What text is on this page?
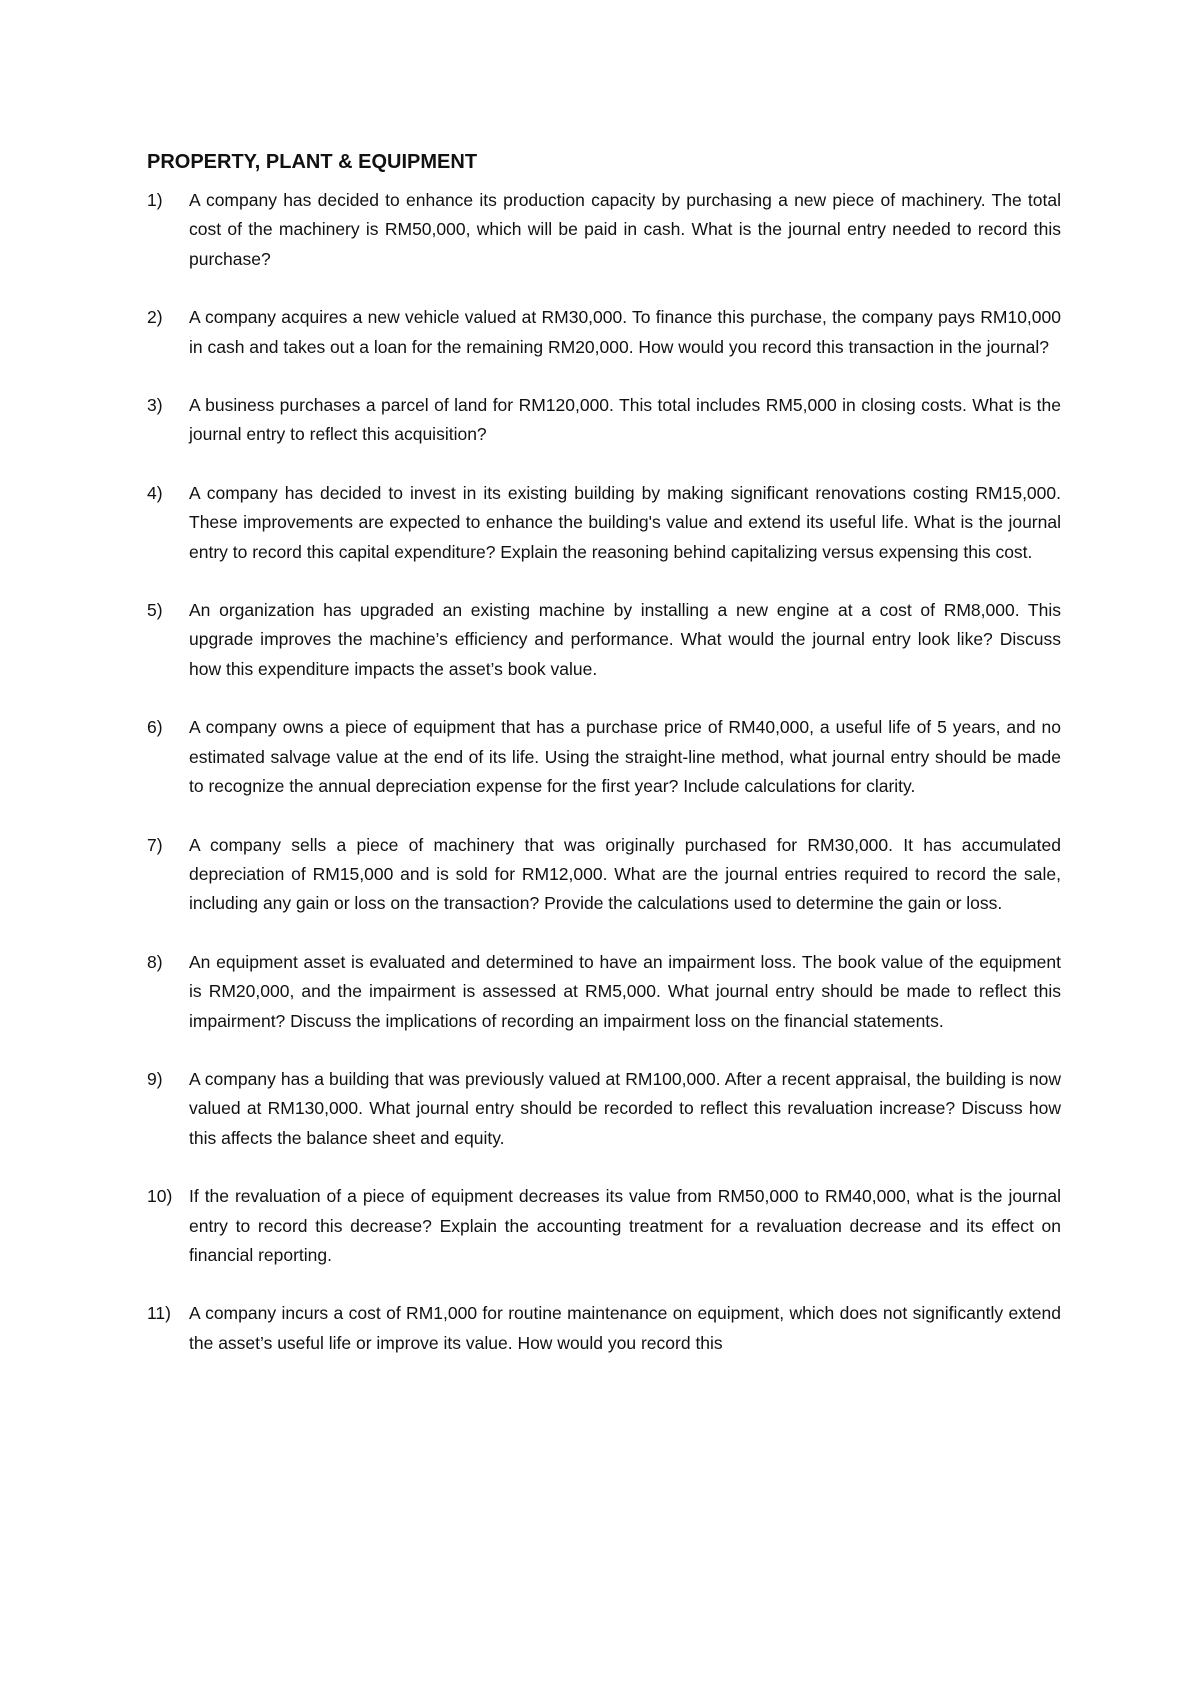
PROPERTY, PLANT & EQUIPMENT
1)	A company has decided to enhance its production capacity by purchasing a new piece of machinery. The total cost of the machinery is RM50,000, which will be paid in cash. What is the journal entry needed to record this purchase?
2)	A company acquires a new vehicle valued at RM30,000. To finance this purchase, the company pays RM10,000 in cash and takes out a loan for the remaining RM20,000. How would you record this transaction in the journal?
3)	A business purchases a parcel of land for RM120,000. This total includes RM5,000 in closing costs. What is the journal entry to reflect this acquisition?
4)	A company has decided to invest in its existing building by making significant renovations costing RM15,000. These improvements are expected to enhance the building's value and extend its useful life. What is the journal entry to record this capital expenditure? Explain the reasoning behind capitalizing versus expensing this cost.
5)	An organization has upgraded an existing machine by installing a new engine at a cost of RM8,000. This upgrade improves the machine’s efficiency and performance. What would the journal entry look like? Discuss how this expenditure impacts the asset’s book value.
6)	A company owns a piece of equipment that has a purchase price of RM40,000, a useful life of 5 years, and no estimated salvage value at the end of its life. Using the straight-line method, what journal entry should be made to recognize the annual depreciation expense for the first year? Include calculations for clarity.
7)	A company sells a piece of machinery that was originally purchased for RM30,000. It has accumulated depreciation of RM15,000 and is sold for RM12,000. What are the journal entries required to record the sale, including any gain or loss on the transaction? Provide the calculations used to determine the gain or loss.
8)	An equipment asset is evaluated and determined to have an impairment loss. The book value of the equipment is RM20,000, and the impairment is assessed at RM5,000. What journal entry should be made to reflect this impairment? Discuss the implications of recording an impairment loss on the financial statements.
9)	A company has a building that was previously valued at RM100,000. After a recent appraisal, the building is now valued at RM130,000. What journal entry should be recorded to reflect this revaluation increase? Discuss how this affects the balance sheet and equity.
10) If the revaluation of a piece of equipment decreases its value from RM50,000 to RM40,000, what is the journal entry to record this decrease? Explain the accounting treatment for a revaluation decrease and its effect on financial reporting.
11)	A company incurs a cost of RM1,000 for routine maintenance on equipment, which does not significantly extend the asset’s useful life or improve its value. How would you record this
